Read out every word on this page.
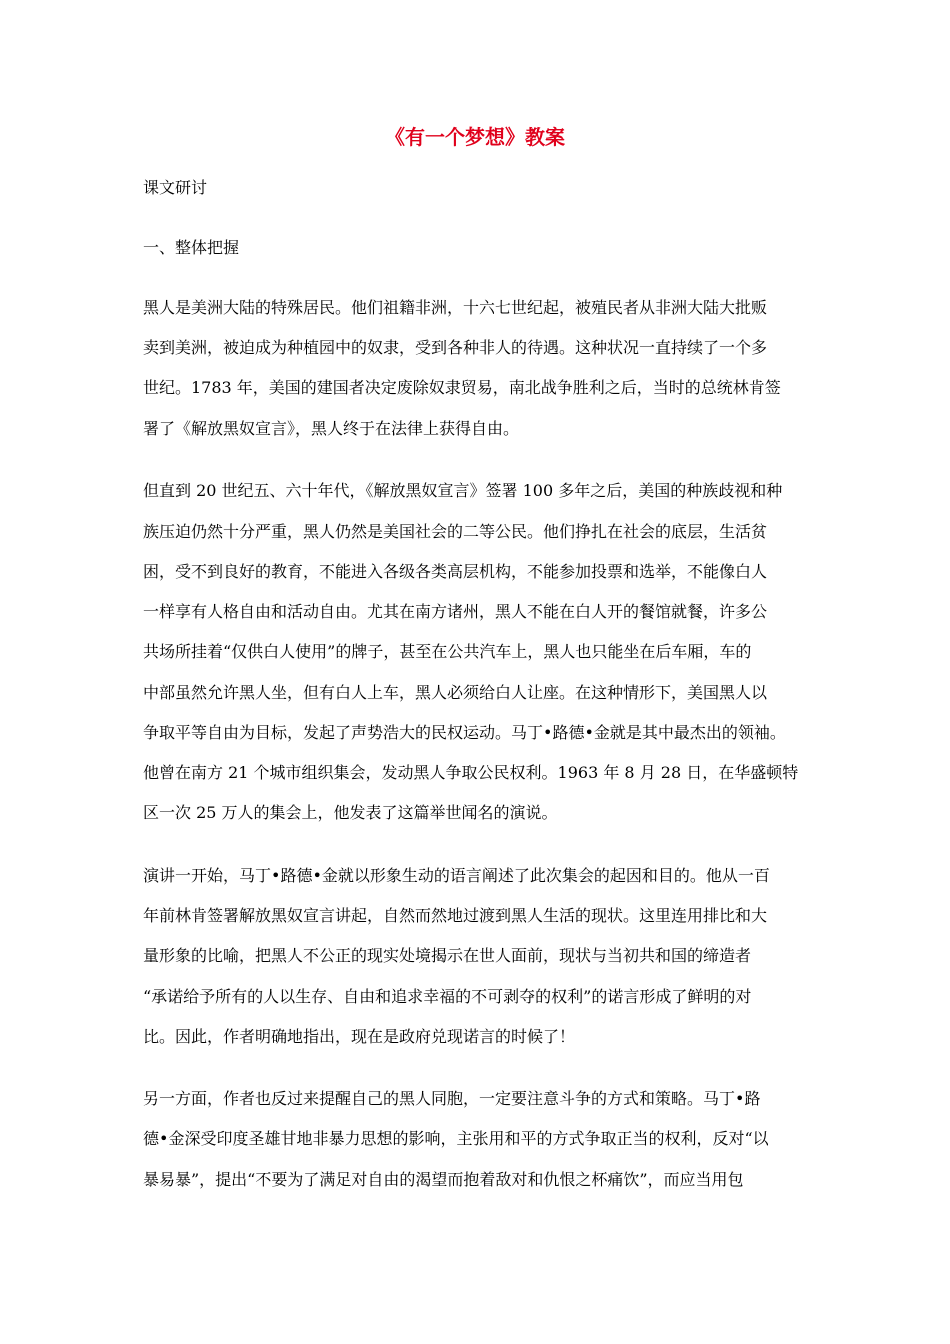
《有一个梦想》教案
课文研讨
一、整体把握
黑人是美洲大陆的特殊居民。他们祖籍非洲，十六七世纪起，被殖民者从非洲大陆大批贩
卖到美洲，被迫成为种植园中的奴隶，受到各种非人的待遇。这种状况一直持续了一个多
世纪。1783 年，美国的建国者决定废除奴隶贸易，南北战争胜利之后，当时的总统林肯签
署了《解放黑奴宣言》，黑人终于在法律上获得自由。
但直到 20 世纪五、六十年代，《解放黑奴宣言》签署 100 多年之后，美国的种族歧视和种
族压迫仍然十分严重，黑人仍然是美国社会的二等公民。他们挣扎在社会的底层，生活贫
困，受不到良好的教育，不能进入各级各类高层机构，不能参加投票和选举，不能像白人
一样享有人格自由和活动自由。尤其在南方诸州，黑人不能在白人开的餐馆就餐，许多公
共场所挂着“仅供白人使用”的牌子，甚至在公共汽车上，黑人也只能坐在后车厢，车的
中部虽然允许黑人坐，但有白人上车，黑人必须给白人让座。在这种情形下，美国黑人以
争取平等自由为目标，发起了声势浩大的民权运动。马丁•路德•金就是其中最杰出的领袖。
他曾在南方 21 个城市组织集会，发动黑人争取公民权利。1963 年 8 月 28 日，在华盛顿特
区一次 25 万人的集会上，他发表了这篇举世闻名的演说。
演讲一开始，马丁•路德•金就以形象生动的语言阐述了此次集会的起因和目的。他从一百
年前林肯签署解放黑奴宣言讲起，自然而然地过渡到黑人生活的现状。这里连用排比和大
量形象的比喻，把黑人不公正的现实处境揭示在世人面前，现状与当初共和国的缔造者
“承诺给予所有的人以生存、自由和追求幸福的不可剥夺的权利”的诺言形成了鲜明的对
比。因此，作者明确地指出，现在是政府兑现诺言的时候了！
另一方面，作者也反过来提醒自己的黑人同胞，一定要注意斗争的方式和策略。马丁•路
德•金深受印度圣雄甘地非暴力思想的影响，主张用和平的方式争取正当的权利，反对“以
暴易暴”，提出“不要为了满足对自由的渴望而抱着敌对和仇恨之杯痛饮”，而应当用包
